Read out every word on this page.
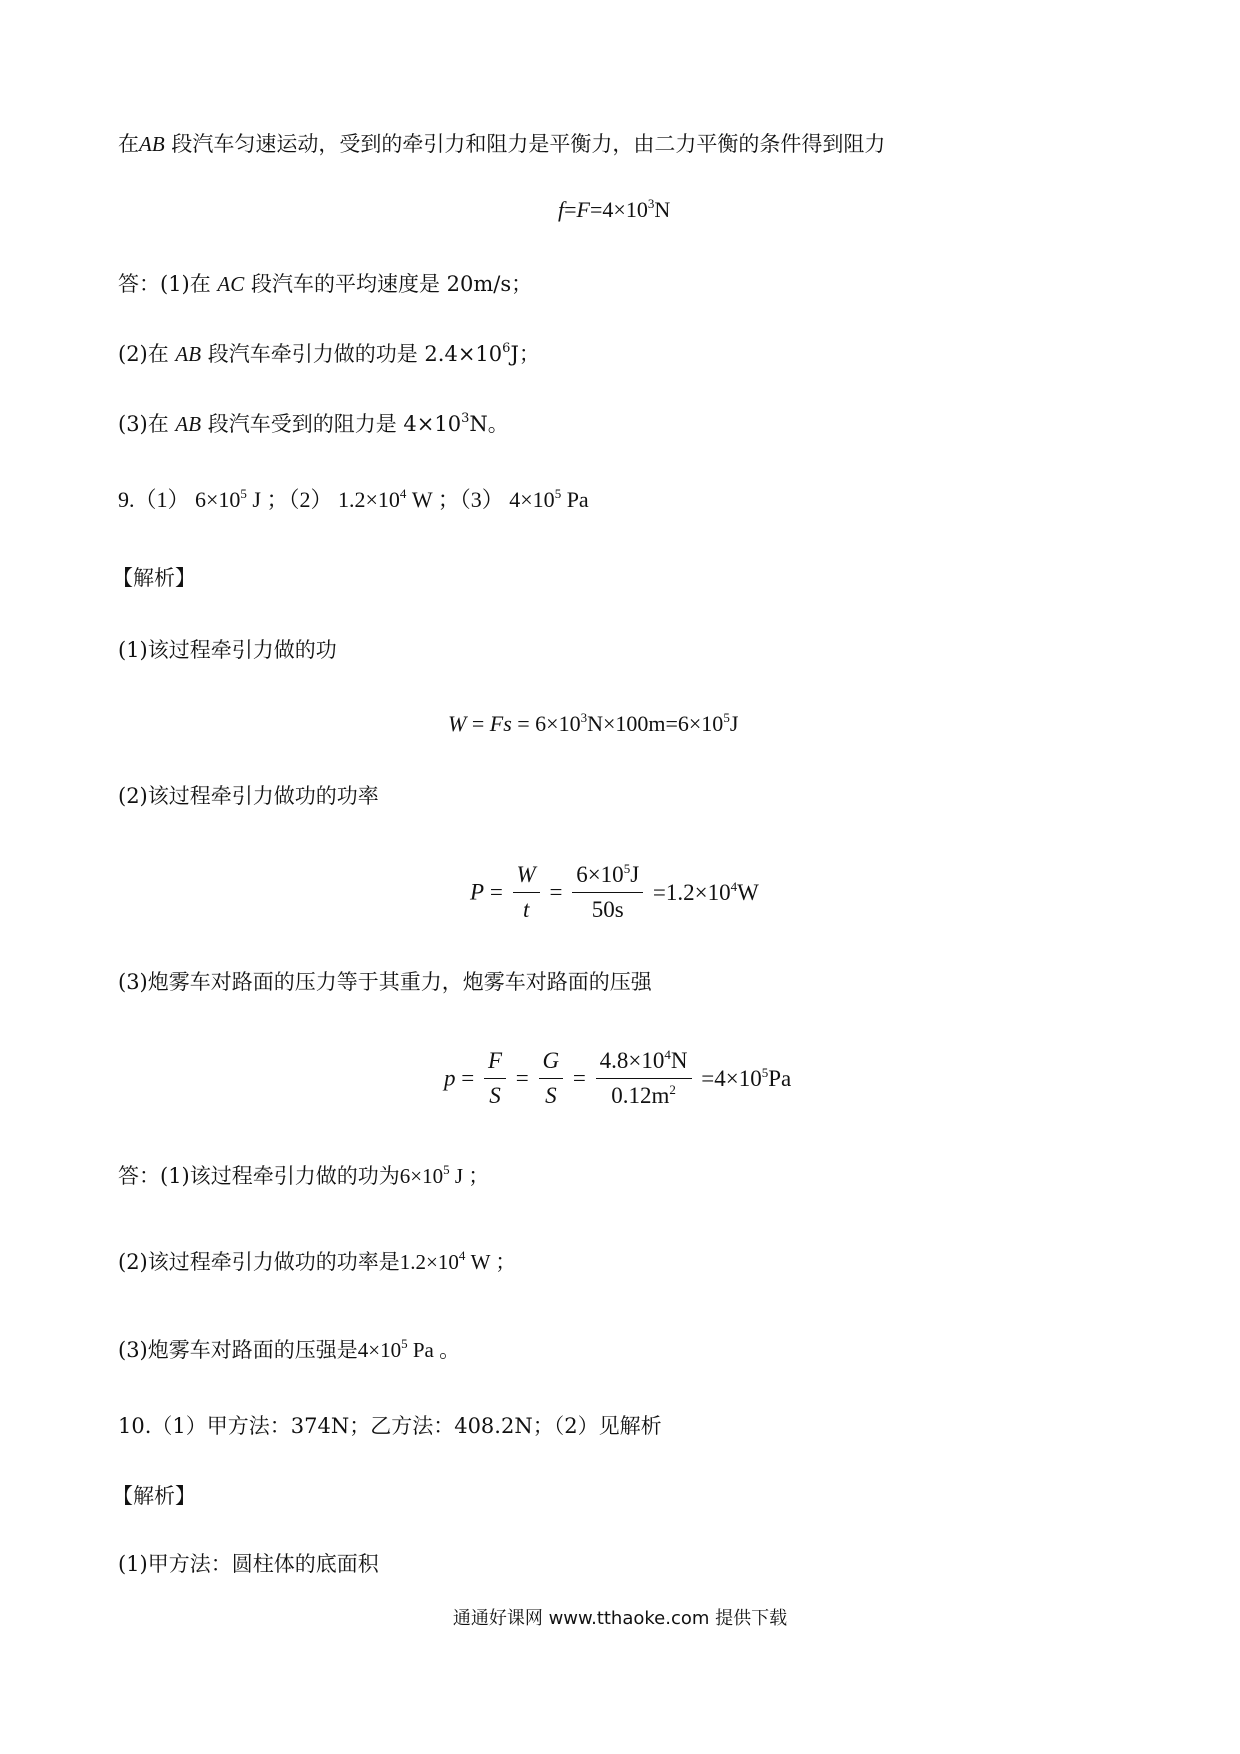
在AB 段汽车匀速运动，受到的牵引力和阻力是平衡力，由二力平衡的条件得到阻力
$f=F=4\times 10^3N$
答：(1)在 AC 段汽车的平均速度是 20m/s；
(2)在 AB 段汽车牵引力做的功是 $2.4\times 10^6J$；
(3)在 AB 段汽车受到的阻力是 $4\times 10^3N$。
9.（1） $6\times 10^5$ J ；（2） $1.2\times 10^4$ W ；（3） $4\times 10^5$ Pa
【解析】
(1)该过程牵引力做的功
$W = Fs = 6\times 10^3N\times 100m=6\times 10^5J$
(2)该过程牵引力做功的功率
$P = \frac{W}{t} = \frac{6\times 10^5J}{50s} =1.2\times 10^4W$
(3)炮雾车对路面的压力等于其重力，炮雾车对路面的压强
$p = \frac{F}{S} = \frac{G}{S} = \frac{4.8\times 10^4N}{0.12m^2} =4\times 10^5Pa$
答：(1)该过程牵引力做的功为$6\times 10^5$ J ；
(2)该过程牵引力做功的功率是$1.2\times 10^4$ W ；
(3)炮雾车对路面的压强是$4\times 10^5$ Pa 。
10.（1）甲方法：374N；乙方法：408.2N；（2）见解析
【解析】
(1)甲方法：圆柱体的底面积
通通好课网 www.tthaoke.com 提供下载
